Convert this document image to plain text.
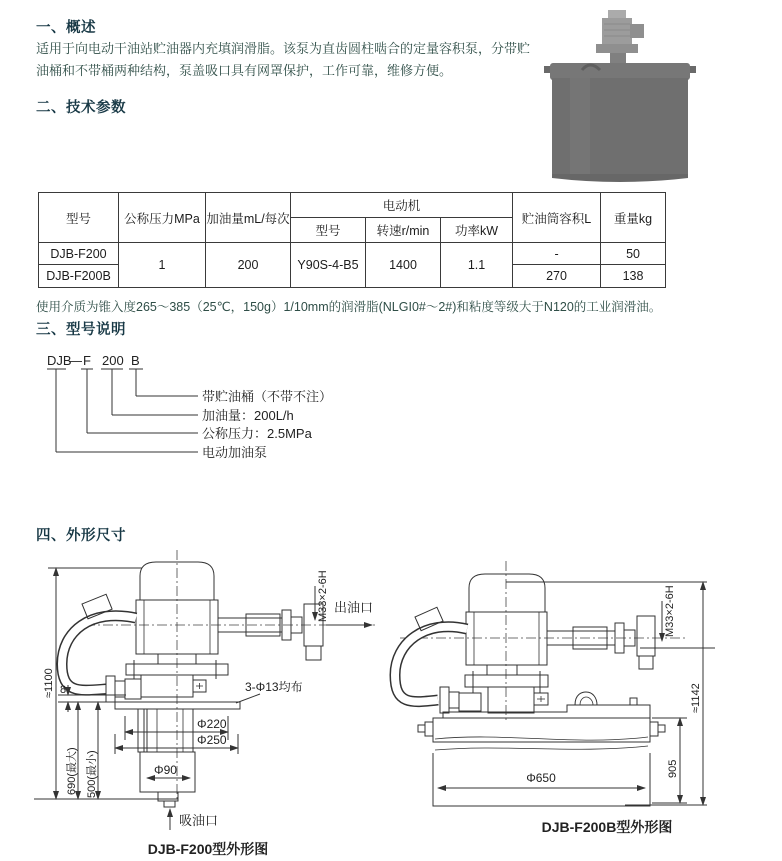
一、概述
适用于向电动干油站贮油器内充填润滑脂。该泵为直齿圆柱啮合的定量容积泵，分带贮油桶和不带桶两种结构，泵盖吸口具有网罩保护，工作可靠，维修方便。
二、技术参数
型号	公称压力MPa	加油量mL/每次	电动机			贮油筒容积L	重量kg
			型号	转速r/min	功率kW		
DJB-F200	1	200	Y90S-4-B5	1400	1.1	-	50
DJB-F200B						270	138
使用介质为锥入度265～385（25℃，150g）1/10mm的润滑脂(NLGI0#～2#)和粘度等级大于N120的工业润滑油。
三、型号说明
DJB
— F 200 B
带贮油桶（不带不注）
加油量：200L/h
公称压力：2.5MPa
电动加油泵
四、外形尺寸
≈1100 8
690(最大) 500(最小)
M33×2-6H 出油口
3-Φ13均布
Φ220
Φ250
Φ90
吸油口
DJB-F200型外形图
M33×2-6H
Φ650	905
≈1142
DJB-F200B型外形图
